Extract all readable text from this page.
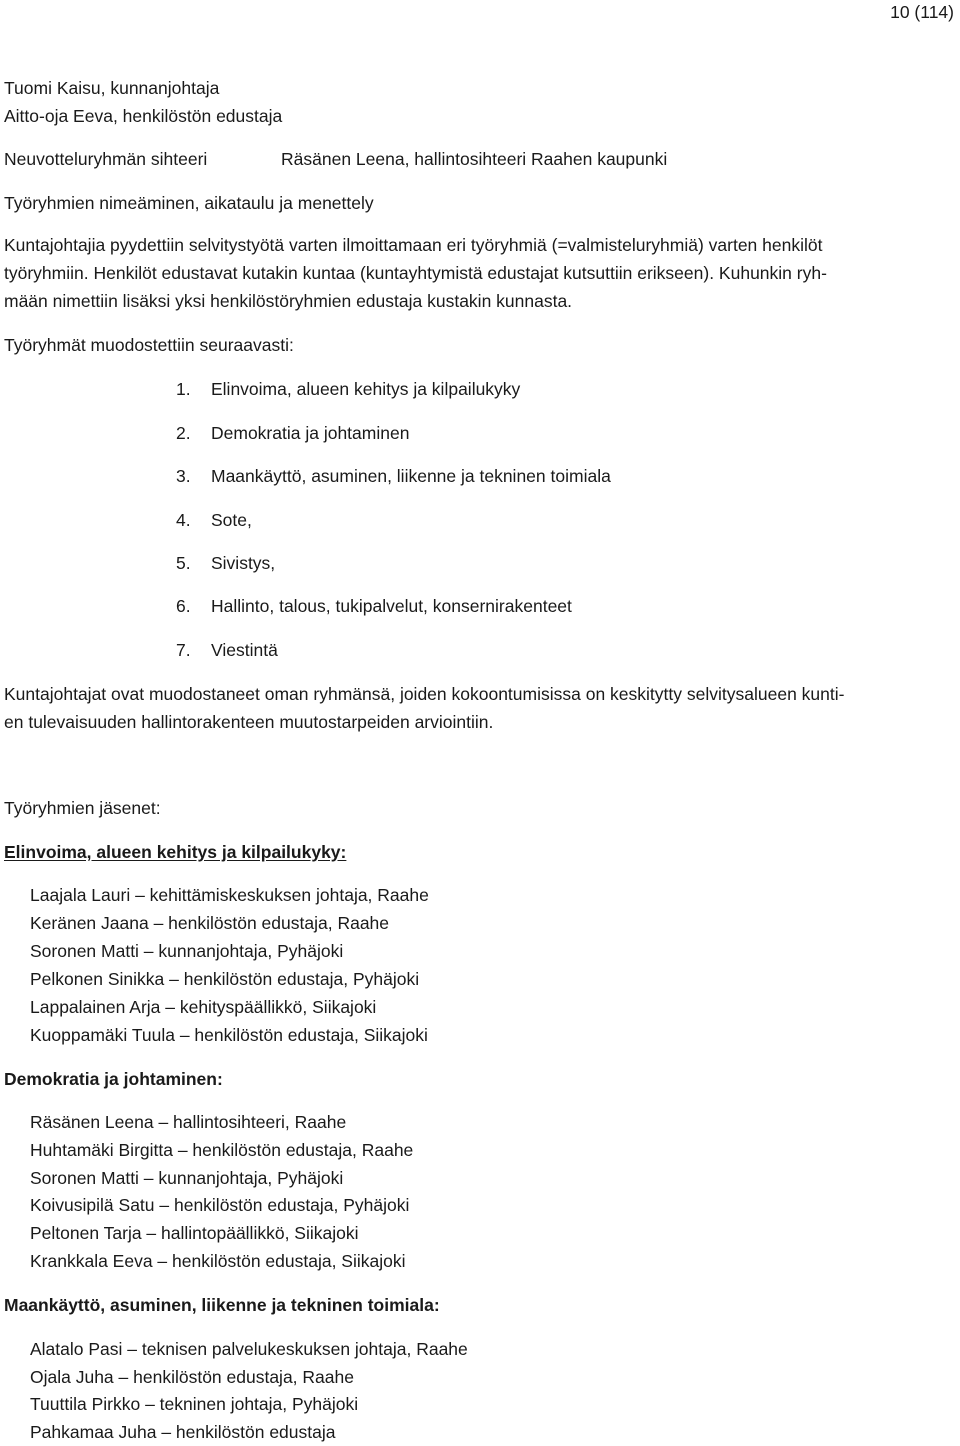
10 (114)
Tuomi Kaisu, kunnanjohtaja
Aitto-oja Eeva, henkilöstön edustaja
Neuvotteluryhmän sihteeri	Räsänen Leena, hallintosihteeri Raahen kaupunki
Työryhmien nimeäminen, aikataulu ja menettely
Kuntajohtajia pyydettiin selvitystyötä varten ilmoittamaan eri työryhmiä (=valmisteluryhmiä) varten henkilöt
työryhmiin. Henkilöt edustavat kutakin kuntaa (kuntayhtymistä edustajat kutsuttiin erikseen). Kuhunkin ryh-
mään nimettiin lisäksi yksi henkilöstöryhmien edustaja kustakin kunnasta.
Työryhmät muodostettiin seuraavasti:
1.	Elinvoima, alueen kehitys ja kilpailukyky
2.	Demokratia ja johtaminen
3.	Maankäyttö, asuminen, liikenne ja tekninen toimiala
4.	Sote,
5.	Sivistys,
6.	Hallinto, talous, tukipalvelut, konsernirakenteet
7.	Viestintä
Kuntajohtajat ovat muodostaneet oman ryhmänsä, joiden kokoontumisissa on keskitytty selvitysalueen kunti-
en tulevaisuuden hallintorakenteen muutostarpeiden arviointiin.
Työryhmien jäsenet:
Elinvoima, alueen kehitys ja kilpailukyky:
Laajala Lauri – kehittämiskeskuksen johtaja, Raahe
Keränen Jaana – henkilöstön edustaja, Raahe
Soronen Matti – kunnanjohtaja, Pyhäjoki
Pelkonen Sinikka – henkilöstön edustaja, Pyhäjoki
Lappalainen Arja – kehityspäällikkö, Siikajoki
Kuoppamäki Tuula – henkilöstön edustaja, Siikajoki
Demokratia ja johtaminen:
Räsänen Leena – hallintosihteeri, Raahe
Huhtamäki Birgitta – henkilöstön edustaja, Raahe
Soronen Matti – kunnanjohtaja, Pyhäjoki
Koivusipilä Satu – henkilöstön edustaja, Pyhäjoki
Peltonen Tarja – hallintopäällikkö, Siikajoki
Krankkala Eeva – henkilöstön edustaja, Siikajoki
Maankäyttö, asuminen, liikenne ja tekninen toimiala:
Alatalo Pasi – teknisen palvelukeskuksen johtaja, Raahe
Ojala Juha – henkilöstön edustaja, Raahe
Tuuttila Pirkko – tekninen johtaja, Pyhäjoki
Pahkamaa Juha – henkilöstön edustaja
